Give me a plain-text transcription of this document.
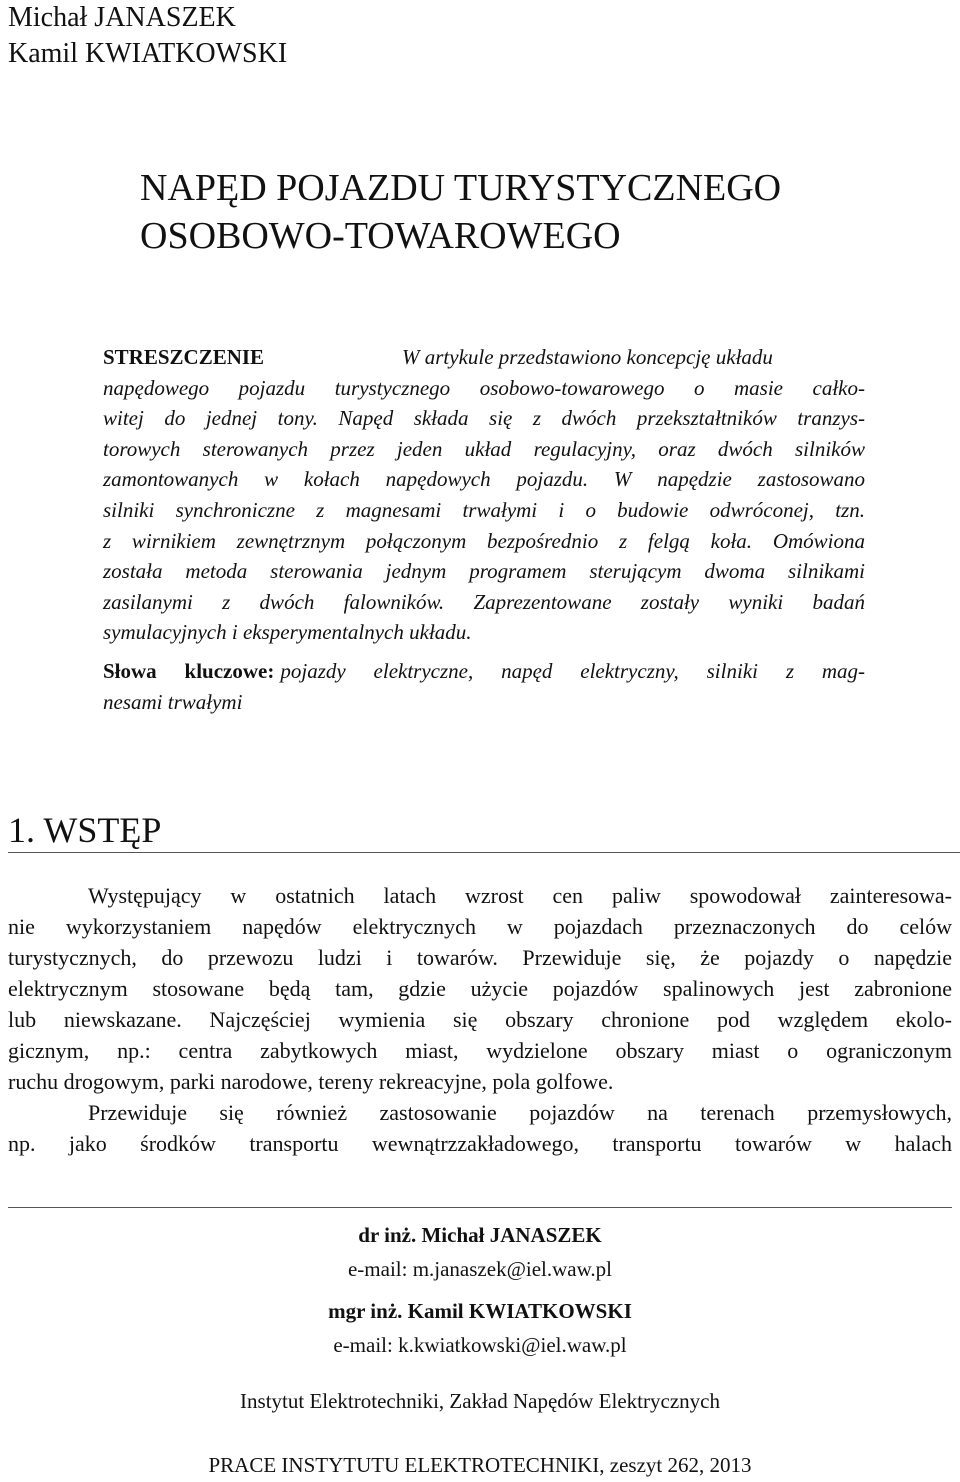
Michał JANASZEK
Kamil KWIATKOWSKI
NAPĘD POJAZDU TURYSTYCZNEGO
OSOBOWO-TOWAROWEGO
STRESZCZENIE	W artykule przedstawiono koncepcję układu
napędowego pojazdu turystycznego osobowo-towarowego o masie całko-
witej do jednej tony. Napęd składa się z dwóch przekształtników tranzys-
torowych sterowanych przez jeden układ regulacyjny, oraz dwóch silników
zamontowanych w kołach napędowych pojazdu. W napędzie zastosowano
silniki synchroniczne z magnesami trwałymi i o budowie odwróconej, tzn.
z wirnikiem zewnętrznym połączonym bezpośrednio z felgą koła. Omówiona
została metoda sterowania jednym programem sterującym dwoma silnikami
zasilanymi z dwóch falowników. Zaprezentowane zostały wyniki badań
symulacyjnych i eksperymentalnych układu.
Słowa kluczowe: pojazdy elektryczne, napęd elektryczny, silniki z mag-
nesami trwałymi
1. WSTĘP
Występujący w ostatnich latach wzrost cen paliw spowodował zainteresowa-
nie wykorzystaniem napędów elektrycznych w pojazdach przeznaczonych do celów
turystycznych, do przewozu ludzi i towarów. Przewiduje się, że pojazdy o napędzie
elektrycznym stosowane będą tam, gdzie użycie pojazdów spalinowych jest zabronione
lub niewskazane. Najczęściej wymienia się obszary chronione pod względem ekolo-
gicznym, np.: centra zabytkowych miast, wydzielone obszary miast o ograniczonym
ruchu drogowym, parki narodowe, tereny rekreacyjne, pola golfowe.
Przewiduje się również zastosowanie pojazdów na terenach przemysłowych,
np. jako środków transportu wewnątrzzakładowego, transportu towarów w halach
dr inż. Michał JANASZEK
e-mail: m.janaszek@iel.waw.pl
mgr inż. Kamil KWIATKOWSKI
e-mail: k.kwiatkowski@iel.waw.pl
Instytut Elektrotechniki, Zakład Napędów Elektrycznych
PRACE INSTYTUTU ELEKTROTECHNIKI, zeszyt 262, 2013
